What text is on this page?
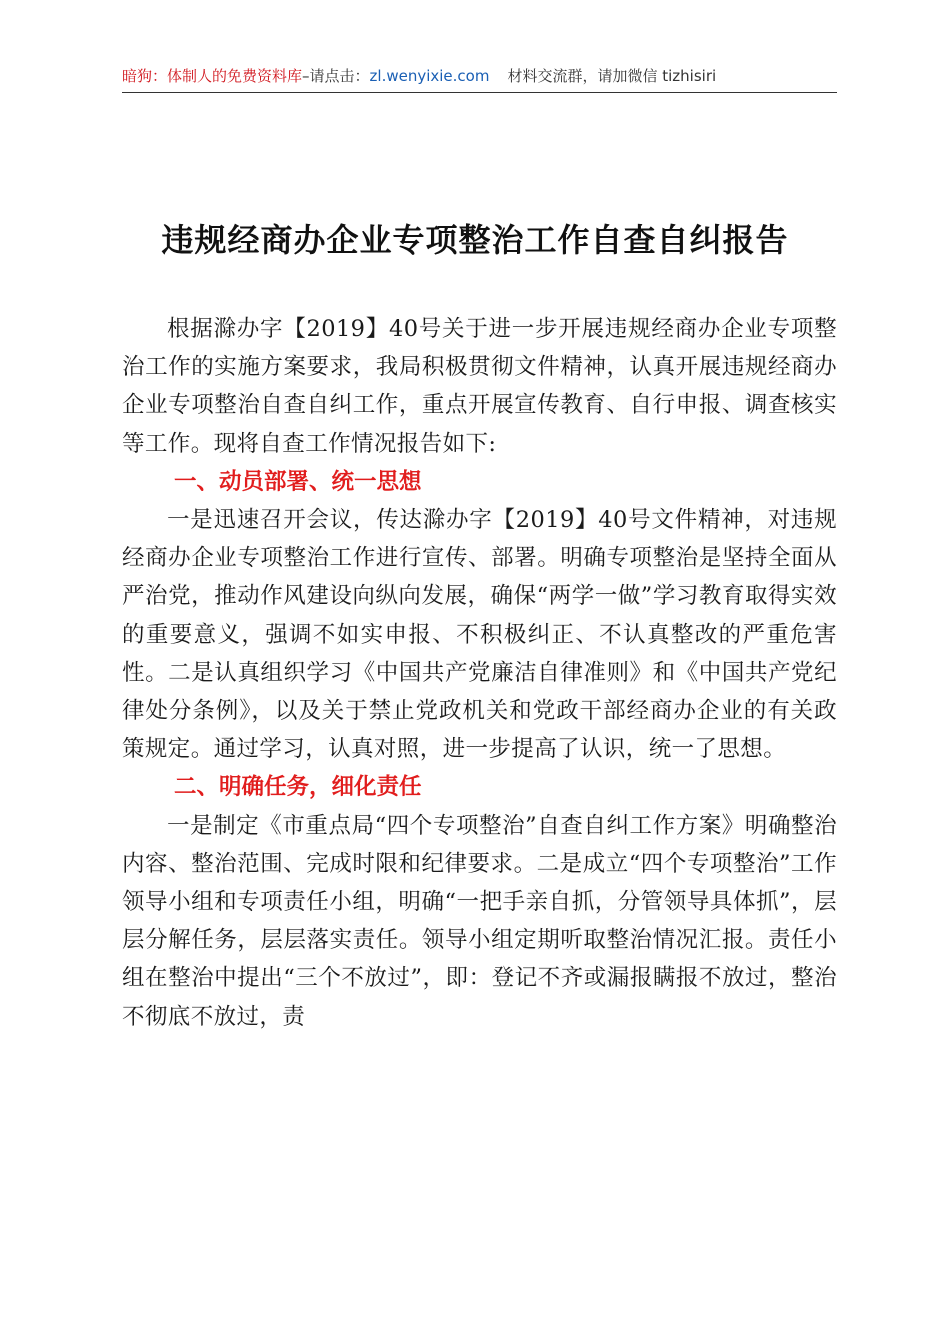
暗狗：体制人的免费资料库–请点击：zl.wenyixie.com 材料交流群，请加微信 tizhisiri
违规经商办企业专项整治工作自查自纠报告

根据滁办字【2019】40号关于进一步开展违规经商办企业专项整治工作的实施方案要求，我局积极贯彻文件精神，认真开展违规经商办企业专项整治自查自纠工作，重点开展宣传教育、自行申报、调查核实等工作。现将自查工作情况报告如下:

一、动员部署、统一思想

一是迅速召开会议，传达滁办字【2019】40号文件精神，对违规经商办企业专项整治工作进行宣传、部署。明确专项整治是坚持全面从严治党，推动作风建设向纵向发展，确保“两学一做”学习教育取得实效的重要意义，强调不如实申报、不积极纠正、不认真整改的严重危害性。二是认真组织学习《中国共产党廉洁自律准则》和《中国共产党纪律处分条例》，以及关于禁止党政机关和党政干部经商办企业的有关政策规定。通过学习，认真对照，进一步提高了认识，统一了思想。

二、明确任务，细化责任

一是制定《市重点局“四个专项整治”自查自纠工作方案》明确整治内容、整治范围、完成时限和纪律要求。二是成立“四个专项整治”工作领导小组和专项责任小组，明确“一把手亲自抓，分管领导具体抓”，层层分解任务，层层落实责任。领导小组定期听取整治情况汇报。责任小组在整治中提出“三个不放过”，即：登记不齐或漏报瞒报不放过，整治不彻底不放过，责
